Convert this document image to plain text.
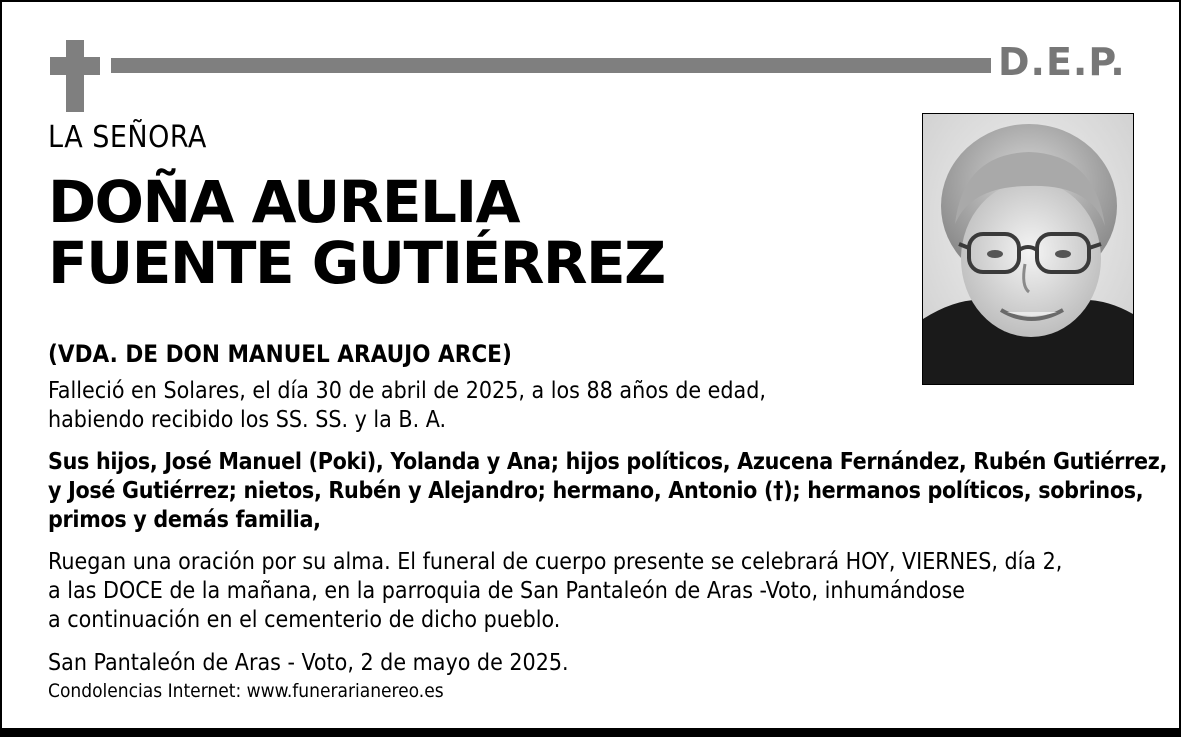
D.E.P.
LA SEÑORA
DOÑA AURELIA
FUENTE GUTIÉRREZ
(VDA. DE DON MANUEL ARAUJO ARCE)
Falleció en Solares, el día 30 de abril de 2025, a los 88 años de edad,
habiendo recibido los SS. SS. y la B. A.
Sus hijos, José Manuel (Poki), Yolanda y Ana; hijos políticos, Azucena Fernández, Rubén Gutiérrez,
y José Gutiérrez; nietos, Rubén y Alejandro; hermano, Antonio (†); hermanos políticos, sobrinos,
primos y demás familia,
Ruegan una oración por su alma. El funeral de cuerpo presente se celebrará HOY, VIERNES, día 2,
a las DOCE de la mañana, en la parroquia de San Pantaleón de Aras -Voto, inhumándose
a continuación en el cementerio de dicho pueblo.
San Pantaleón de Aras - Voto, 2 de mayo de 2025.
Condolencias Internet: www.funerarianereo.es
